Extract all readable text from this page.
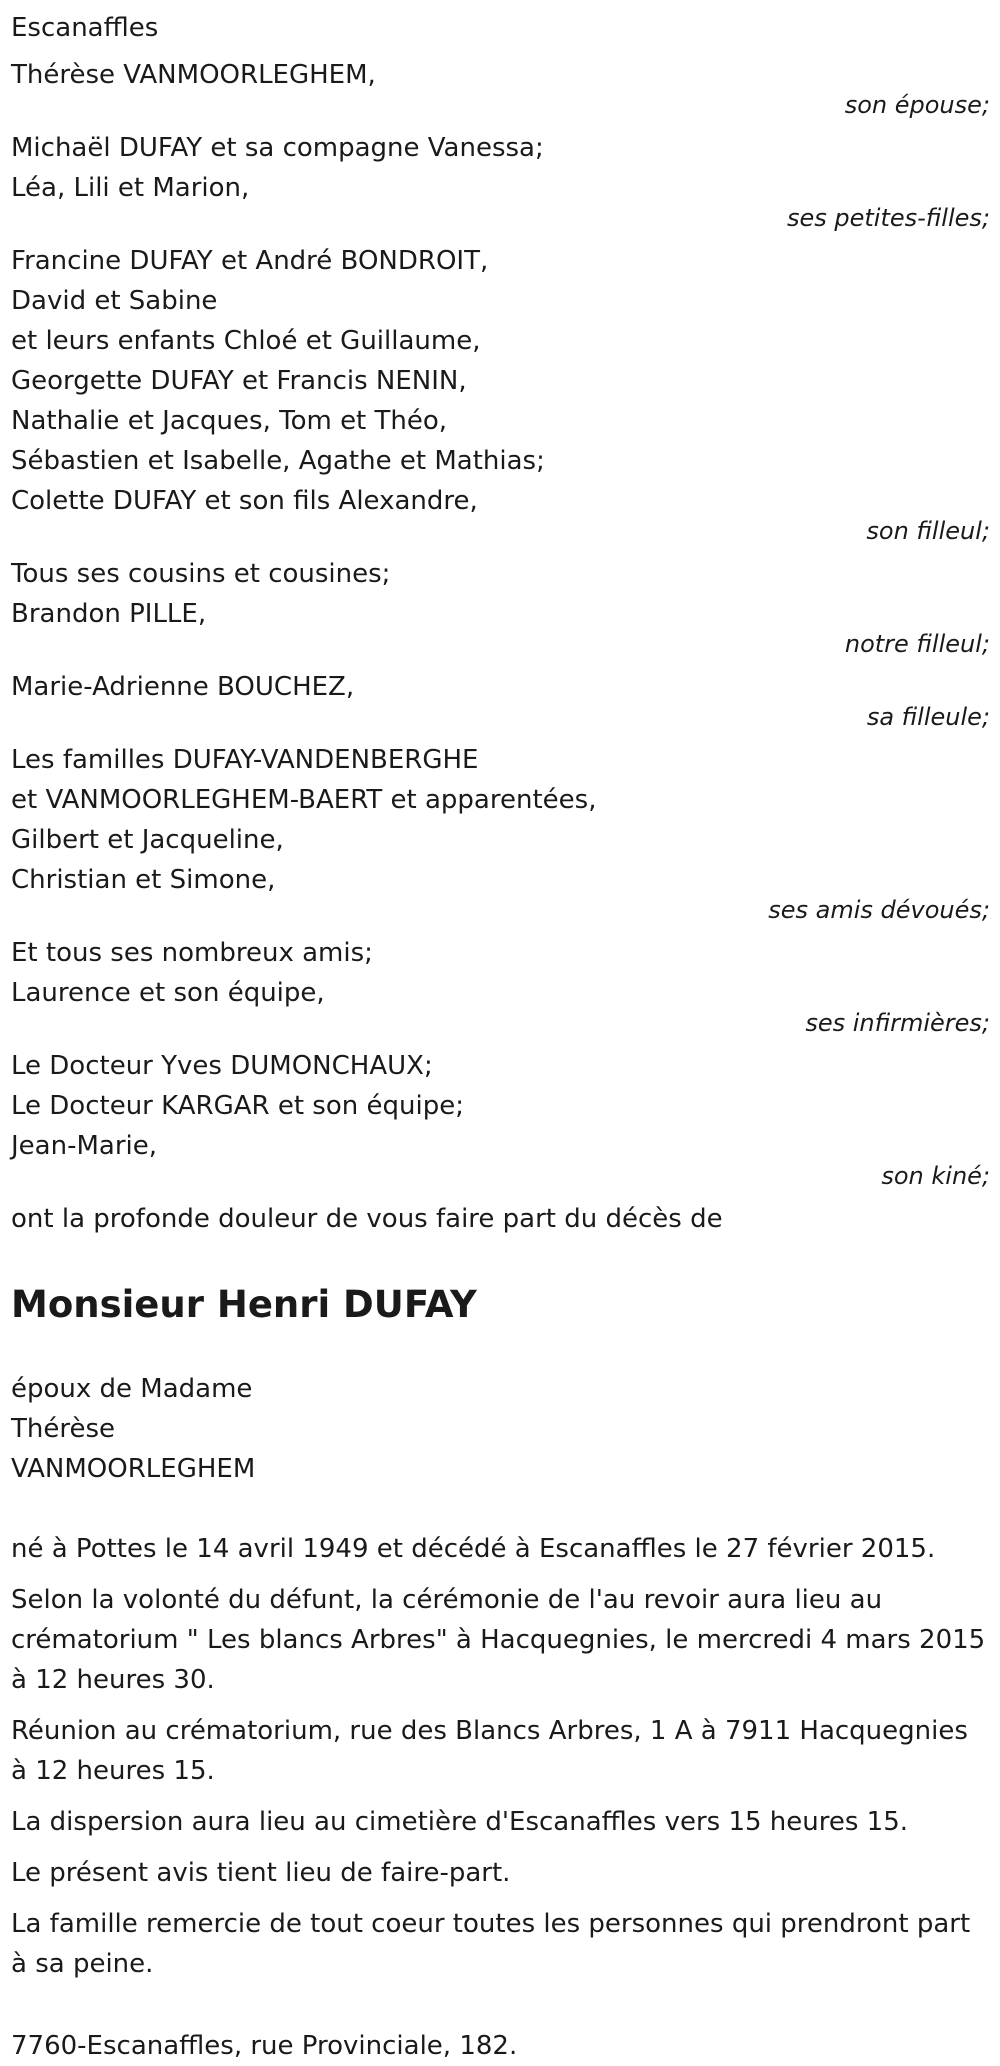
Escanaffles
Thérèse VANMOORLEGHEM,
son épouse;
Michaël DUFAY et sa compagne Vanessa;
Léa, Lili et Marion,
ses petites-filles;
Francine DUFAY et André BONDROIT,
David et Sabine
et leurs enfants Chloé et Guillaume,
Georgette DUFAY et Francis NENIN,
Nathalie et Jacques, Tom et Théo,
Sébastien et Isabelle, Agathe et Mathias;
Colette DUFAY et son fils Alexandre,
son filleul;
Tous ses cousins et cousines;
Brandon PILLE,
notre filleul;
Marie-Adrienne BOUCHEZ,
sa filleule;
Les familles DUFAY-VANDENBERGHE
et VANMOORLEGHEM-BAERT et apparentées,
Gilbert et Jacqueline,
Christian et Simone,
ses amis dévoués;
Et tous ses nombreux amis;
Laurence et son équipe,
ses infirmières;
Le Docteur Yves DUMONCHAUX;
Le Docteur KARGAR et son équipe;
Jean-Marie,
son kiné;
ont la profonde douleur de vous faire part du décès de
Monsieur Henri DUFAY
époux de Madame
Thérèse
VANMOORLEGHEM

né à Pottes le 14 avril 1949 et décédé à Escanaffles le 27 février 2015.

Selon la volonté du défunt, la cérémonie de l'au revoir aura lieu au crématorium " Les blancs Arbres" à Hacquegnies, le mercredi 4 mars 2015 à 12 heures 30.

Réunion au crématorium, rue des Blancs Arbres, 1 A à 7911 Hacquegnies à 12 heures 15.

La dispersion aura lieu au cimetière d'Escanaffles vers 15 heures 15.

Le présent avis tient lieu de faire-part.

La famille remercie de tout coeur toutes les personnes qui prendront part à sa peine.

7760-Escanaffles, rue Provinciale, 182.
